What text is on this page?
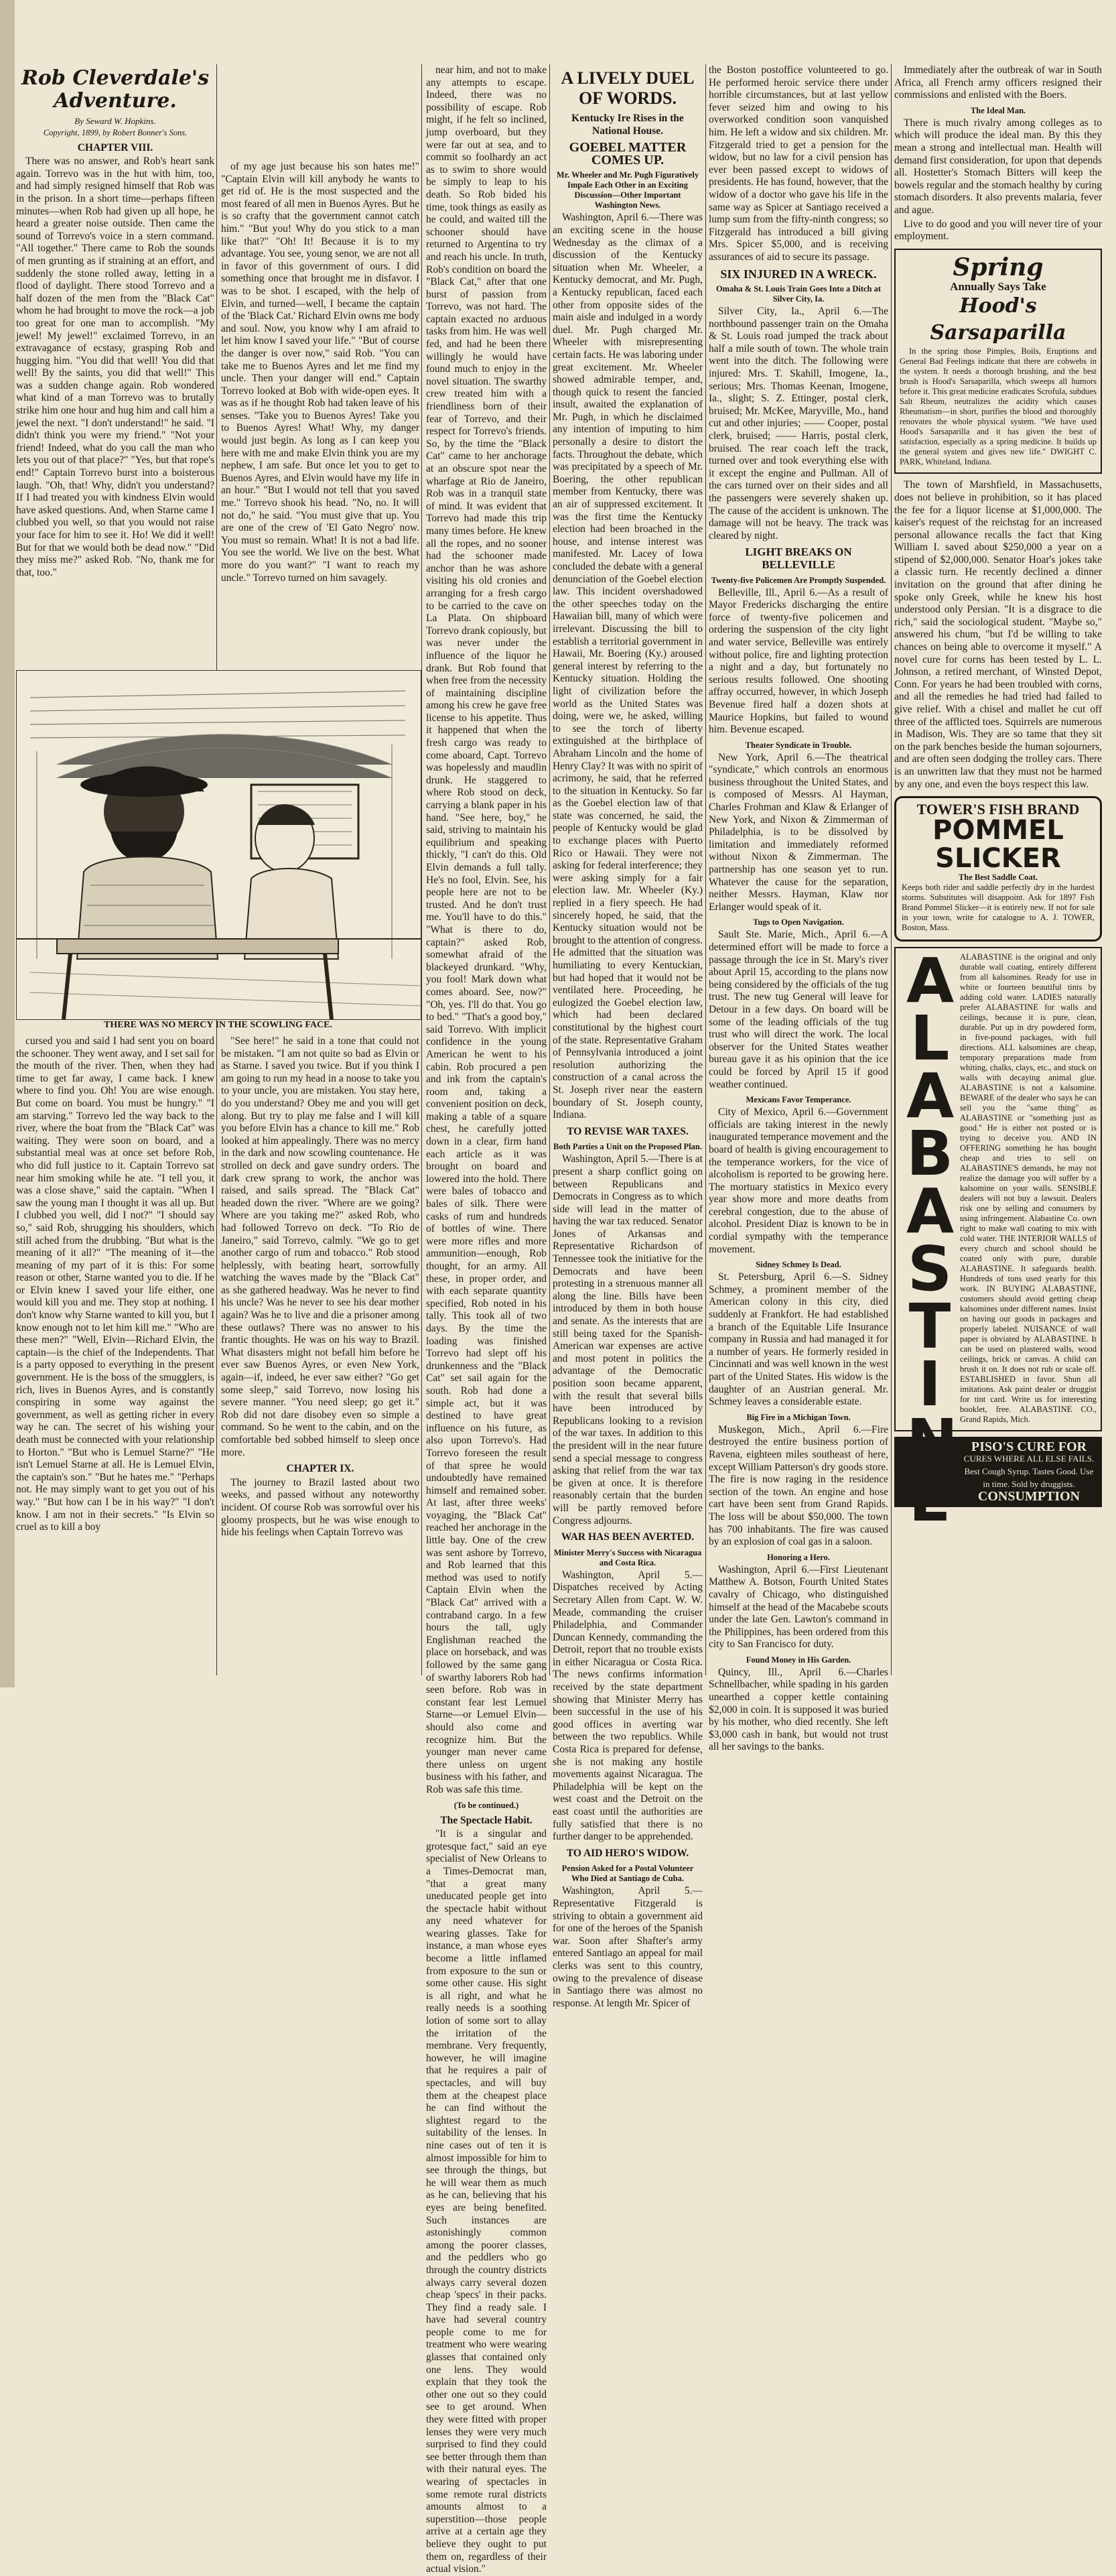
Rob Cleverdale's Adventure.
By Seward W. Hopkins.
Copyright, 1899, by Robert Bonner's Sons.
CHAPTER VIII.

There was no answer, and Rob's heart sank again. Torrevo was in the hut with him, too, and had simply resigned himself that Rob was in the prison. In a short time—perhaps fifteen minutes—when Rob had given up all hope, he heard a greater noise outside. Then came the sound of Torrevo's voice in a stern command. "All together." There came to Rob the sounds of men grunting as if straining at an effort, and suddenly the stone rolled away, letting in a flood of daylight. There stood Torrevo and a half dozen of the men from the "Black Cat" whom he had brought to move the rock—a job too great for one man to accomplish. "My jewel! My jewel!" exclaimed Torrevo, in an extravagance of ecstasy, grasping Rob and hugging him. "You did that well! You did that well! By the saints, you did that well!" This was a sudden change again. Rob wondered what kind of a man Torrevo was to brutally strike him one hour and hug him and call him a jewel the next. "I don't understand!" he said. "I didn't think you were my friend." "Not your friend! Indeed, what do you call the man who lets you out of that place?" "Yes, but that rope's end!" Captain Torrevo burst into a boisterous laugh. "Oh, that! Why, didn't you understand? If I had treated you with kindness Elvin would have asked questions. And, when Starne came I clubbed you well, so that you would not raise your face for him to see it. Ho! We did it well! But for that we would both be dead now." "Did they miss me?" asked Rob. "No, thank me for that, too."

of my age just because his son hates me!" "Captain Elvin will kill anybody he wants to get rid of. He is the most suspected and the most feared of all men in Buenos Ayres. But he is so crafty that the government cannot catch him." "But you! Why do you stick to a man like that?" "Oh! It! Because it is to my advantage. You see, young senor, we are not all in favor of this government of ours. I did something once that brought me in disfavor. I was to be shot. I escaped, with the help of Elvin, and turned—well, I became the captain of the 'Black Cat.' Richard Elvin owns me body and soul. Now, you know why I am afraid to let him know I saved your life." "But of course the danger is over now," said Rob. "You can take me to Buenos Ayres and let me find my uncle. Then your danger will end." Captain Torrevo looked at Bob with wide-open eyes. It was as if he thought Rob had taken leave of his senses. "Take you to Buenos Ayres! Take you to Buenos Ayres! What! Why, my danger would just begin. As long as I can keep you here with me and make Elvin think you are my nephew, I am safe. But once let you to get to Buenos Ayres, and Elvin would have my life in an hour." "But I would not tell that you saved me." Torrevo shook his head. "No, no. It will not do," he said. "You must give that up. You are one of the crew of 'El Gato Negro' now. You must so remain. What! It is not a bad life. You see the world. We live on the best. What more do you want?" "I want to reach my uncle." Torrevo turned on him savagely.

THERE WAS NO MERCY IN THE SCOWLING FACE.

cursed you and said I had sent you on board the schooner. They went away, and I set sail for the mouth of the river. Then, when they had time to get far away, I came back. I knew where to find you. Oh! You are wise enough. But come on board. You must be hungry." "I am starving." Torrevo led the way back to the river, where the boat from the "Black Cat" was waiting. They were soon on board, and a substantial meal was at once set before Rob, who did full justice to it. Captain Torrevo sat near him smoking while he ate. "I tell you, it was a close shave," said the captain. "When I saw the young man I thought it was all up. But I clubbed you well, did I not?" "I should say so," said Rob, shrugging his shoulders, which still ached from the drubbing. "But what is the meaning of it all?" "The meaning of it—the meaning of my part of it is this: For some reason or other, Starne wanted you to die. If he or Elvin knew I saved your life either, one would kill you and me. They stop at nothing. I don't know why Starne wanted to kill you, but I know enough not to let him kill me." "Who are these men?" "Well, Elvin—Richard Elvin, the captain—is the chief of the Independents. That is a party opposed to everything in the present government. He is the boss of the smugglers, is rich, lives in Buenos Ayres, and is constantly conspiring in some way against the government, as well as getting richer in every way he can. The secret of his wishing your death must be connected with your relationship to Horton." "But who is Lemuel Starne?" "He isn't Lemuel Starne at all. He is Lemuel Elvin, the captain's son." "But he hates me." "Perhaps not. He may simply want to get you out of his way." "But how can I be in his way?" "I don't know. I am not in their secrets." "Is Elvin so cruel as to kill a boy

"See here!" he said in a tone that could not be mistaken. "I am not quite so bad as Elvin or as Starne. I saved you twice. But if you think I am going to run my head in a noose to take you to your uncle, you are mistaken. You stay here, do you understand? Obey me and you will get along. But try to play me false and I will kill you before Elvin has a chance to kill me." Rob looked at him appealingly. There was no mercy in the dark and now scowling countenance. He strolled on deck and gave sundry orders. The dark crew sprang to work, the anchor was raised, and sails spread. The "Black Cat" headed down the river. "Where are we going? Where are you taking me?" asked Rob, who had followed Torrevo on deck. "To Rio de Janeiro," said Torrevo, calmly. "We go to get another cargo of rum and tobacco." Rob stood helplessly, with beating heart, sorrowfully watching the waves made by the "Black Cat" as she gathered headway. Was he never to find his uncle? Was he never to see his dear mother again? Was he to live and die a prisoner among these outlaws? There was no answer to his frantic thoughts. He was on his way to Brazil. What disasters might not befall him before he ever saw Buenos Ayres, or even New York, again—if, indeed, he ever saw either? "Go get some sleep," said Torrevo, now losing his severe manner. "You need sleep; go get it." Rob did not dare disobey even so simple a command. So he went to the cabin, and on the comfortable bed sobbed himself to sleep once more.

CHAPTER IX.

The journey to Brazil lasted about two weeks, and passed without any noteworthy incident. Of course Rob was sorrowful over his gloomy prospects, but he was wise enough to hide his feelings when Captain Torrevo was

near him, and not to make any attempts to escape. Indeed, there was no possibility of escape. Rob might, if he felt so inclined, jump overboard, but they were far out at sea, and to commit so foolhardy an act as to swim to shore would be simply to leap to his death. So Rob bided his time, took things as easily as he could, and waited till the schooner should have returned to Argentina to try and reach his uncle. In truth, Rob's condition on board the "Black Cat," after that one burst of passion from Torrevo, was not hard. The captain exacted no arduous tasks from him. He was well fed, and had he been there willingly he would have found much to enjoy in the novel situation. The swarthy crew treated him with a friendliness born of their fear of Torrevo, and their respect for Torrevo's friends. So, by the time the "Black Cat" came to her anchorage at an obscure spot near the wharfage at Rio de Janeiro, Rob was in a tranquil state of mind. It was evident that Torrevo had made this trip many times before. He knew all the ropes, and no sooner had the schooner made anchor than he was ashore visiting his old cronies and arranging for a fresh cargo to be carried to the cave on La Plata. On shipboard Torrevo drank copiously, but was never under the influence of the liquor he drank. But Rob found that when free from the necessity of maintaining discipline among his crew he gave free license to his appetite. Thus it happened that when the fresh cargo was ready to come aboard, Capt. Torrevo was hopelessly and maudlin drunk. He staggered to where Rob stood on deck, carrying a blank paper in his hand. "See here, boy," he said, striving to maintain his equilibrium and speaking thickly, "I can't do this. Old Elvin demands a full tally. He's no fool, Elvin. See, his people here are not to be trusted. And he don't trust me. You'll have to do this." "What is there to do, captain?" asked Rob, somewhat afraid of the blackeyed drunkard. "Why, you fool! Mark down what comes aboard. See, now?" "Oh, yes. I'll do that. You go to bed." "That's a good boy," said Torrevo. With implicit confidence in the young American he went to his cabin. Rob procured a pen and ink from the captain's room and, taking a convenient position on deck, making a table of a square chest, he carefully jotted down in a clear, firm hand each article as it was brought on board and lowered into the hold. There were bales of tobacco and bales of silk. There were casks of rum and hundreds of bottles of wine. There were more rifles and more ammunition—enough, Rob thought, for an army. All these, in proper order, and with each separate quantity specified, Rob noted in his tally. This took all of two days. By the time the loading was finished Torrevo had slept off his drunkenness and the "Black Cat" set sail again for the south. Rob had done a simple act, but it was destined to have great influence on his future, as also upon Torrevo's. Had Torrevo foreseen the result of that spree he would undoubtedly have remained himself and remained sober. At last, after three weeks' voyaging, the "Black Cat" reached her anchorage in the little bay. One of the crew was sent ashore by Torrevo, and Rob learned that this method was used to notify Captain Elvin when the "Black Cat" arrived with a contraband cargo. In a few hours the tall, ugly Englishman reached the place on horseback, and was followed by the same gang of swarthy laborers Rob had seen before. Rob was in constant fear lest Lemuel Starne—or Lemuel Elvin—should also come and recognize him. But the younger man never came there unless on urgent business with his father, and Rob was safe this time.

(To be continued.)
The Spectacle Habit.

"It is a singular and grotesque fact," said an eye specialist of New Orleans to a Times-Democrat man, "that a great many uneducated people get into the spectacle habit without any need whatever for wearing glasses. Take for instance, a man whose eyes become a little inflamed from exposure to the sun or some other cause. His sight is all right, and what he really needs is a soothing lotion of some sort to allay the irritation of the membrane. Very frequently, however, he will imagine that he requires a pair of spectacles, and will buy them at the cheapest place he can find without the slightest regard to the suitability of the lenses. In nine cases out of ten it is almost impossible for him to see through the things, but he will wear them as much as he can, believing that his eyes are being benefited. Such instances are astonishingly common among the poorer classes, and the peddlers who go through the country districts always carry several dozen cheap 'specs' in their packs. They find a ready sale. I have had several country people come to me for treatment who were wearing glasses that contained only one lens. They would explain that they took the other one out so they could see to get around. When they were fitted with proper lenses they were very much surprised to find they could see better through them than with their natural eyes. The wearing of spectacles in some remote rural districts amounts almost to a superstition—those people arrive at a certain age they believe they ought to put them on, regardless of their actual vision."

A LIVELY DUEL OF WORDS.
Kentucky Ire Rises in the National House.
GOEBEL MATTER COMES UP.
Mr. Wheeler and Mr. Pugh Figuratively Impale Each Other in an Exciting Discussion—Other Important Washington News.

Washington, April 6.—There was an exciting scene in the house Wednesday as the climax of a discussion of the Kentucky situation when Mr. Wheeler, a Kentucky democrat, and Mr. Pugh, a Kentucky republican, faced each other from opposite sides of the main aisle and indulged in a wordy duel. Mr. Pugh charged Mr. Wheeler with misrepresenting certain facts. He was laboring under great excitement. Mr. Wheeler showed admirable temper, and, though quick to resent the fancied insult, awaited the explanation of Mr. Pugh, in which he disclaimed any intention of imputing to him personally a desire to distort the facts. Throughout the debate, which was precipitated by a speech of Mr. Boering, the other republican member from Kentucky, there was an air of suppressed excitement. It was the first time the Kentucky election had been broached in the house, and intense interest was manifested. Mr. Lacey of Iowa concluded the debate with a general denunciation of the Goebel election law. This incident overshadowed the other speeches today on the Hawaiian bill, many of which were irrelevant. Discussing the bill to establish a territorial government in Hawaii, Mr. Boering (Ky.) aroused general interest by referring to the Kentucky situation. Holding the light of civilization before the world as the United States was doing, were we, he asked, willing to see the torch of liberty extinguished at the birthplace of Abraham Lincoln and the home of Henry Clay? It was with no spirit of acrimony, he said, that he referred to the situation in Kentucky. So far as the Goebel election law of that state was concerned, he said, the people of Kentucky would be glad to exchange places with Puerto Rico or Hawaii. They were not asking for federal interference; they were asking simply for a fair election law. Mr. Wheeler (Ky.) replied in a fiery speech. He had sincerely hoped, he said, that the Kentucky situation would not be brought to the attention of congress. He admitted that the situation was humiliating to every Kentuckian, but had hoped that it would not be ventilated here. Proceeding, he eulogized the Goebel election law, which had been declared constitutional by the highest court of the state. Representative Graham of Pennsylvania introduced a joint resolution authorizing the construction of a canal across the St. Joseph river near the eastern boundary of St. Joseph county, Indiana.

TO REVISE WAR TAXES.
Both Parties a Unit on the Proposed Plan.

Washington, April 5.—There is at present a sharp conflict going on between Republicans and Democrats in Congress as to which side will lead in the matter of having the war tax reduced. Senator Jones of Arkansas and Representative Richardson of Tennessee took the initiative for the Democrats and have been protesting in a strenuous manner all along the line. Bills have been introduced by them in both house and senate. As the interests that are still being taxed for the Spanish-American war expenses are active and most potent in politics the advantage of the Democratic position soon became apparent, with the result that several bills have been introduced by Republicans looking to a revision of the war taxes. In addition to this the president will in the near future send a special message to congress asking that relief from the war tax be given at once. It is therefore reasonably certain that the burden will be partly removed before Congress adjourns.

WAR HAS BEEN AVERTED.
Minister Merry's Success with Nicaragua and Costa Rica.

Washington, April 5.—Dispatches received by Acting Secretary Allen from Capt. W. W. Meade, commanding the cruiser Philadelphia, and Commander Duncan Kennedy, commanding the Detroit, report that no trouble exists in either Nicaragua or Costa Rica. The news confirms information received by the state department showing that Minister Merry has been successful in the use of his good offices in averting war between the two republics. While Costa Rica is prepared for defense, she is not making any hostile movements against Nicaragua. The Philadelphia will be kept on the west coast and the Detroit on the east coast until the authorities are fully satisfied that there is no further danger to be apprehended.

TO AID HERO'S WIDOW.
Pension Asked for a Postal Volunteer Who Died at Santiago de Cuba.

Washington, April 5.—Representative Fitzgerald is striving to obtain a government aid for one of the heroes of the Spanish war. Soon after Shafter's army entered Santiago an appeal for mail clerks was sent to this country, owing to the prevalence of disease in Santiago there was almost no response. At length Mr. Spicer of

the Boston postoffice volunteered to go. He performed heroic service there under horrible circumstances, but at last yellow fever seized him and owing to his overworked condition soon vanquished him. He left a widow and six children. Mr. Fitzgerald tried to get a pension for the widow, but no law for a civil pension has ever been passed except to widows of presidents. He has found, however, that the widow of a doctor who gave his life in the same way as Spicer at Santiago received a lump sum from the fifty-ninth congress; so Fitzgerald has introduced a bill giving Mrs. Spicer $5,000, and is receiving assurances of aid to secure its passage.

SIX INJURED IN A WRECK.
Omaha & St. Louis Train Goes Into a Ditch at Silver City, Ia.

Silver City, Ia., April 6.—The northbound passenger train on the Omaha & St. Louis road jumped the track about half a mile south of town. The whole train went into the ditch. The following were injured: Mrs. T. Skahill, Imogene, Ia., serious; Mrs. Thomas Keenan, Imogene, Ia., slight; S. Z. Ettinger, postal clerk, bruised; Mr. McKee, Maryville, Mo., hand cut and other injuries; —— Cooper, postal clerk, bruised; —— Harris, postal clerk, bruised. The rear coach left the track, turned over and took everything else with it except the engine and Pullman. All of the cars turned over on their sides and all the passengers were severely shaken up. The cause of the accident is unknown. The damage will not be heavy. The track was cleared by night.

LIGHT BREAKS ON BELLEVILLE
Twenty-five Policemen Are Promptly Suspended.

Belleville, Ill., April 6.—As a result of Mayor Fredericks discharging the entire force of twenty-five policemen and ordering the suspension of the city light and water service, Belleville was entirely without police, fire and lighting protection a night and a day, but fortunately no serious results followed. One shooting affray occurred, however, in which Joseph Bevenue fired half a dozen shots at Maurice Hopkins, but failed to wound him. Bevenue escaped.

Theater Syndicate in Trouble.

New York, April 6.—The theatrical "syndicate," which controls an enormous business throughout the United States, and is composed of Messrs. Al Hayman, Charles Frohman and Klaw & Erlanger of New York, and Nixon & Zimmerman of Philadelphia, is to be dissolved by limitation and immediately reformed without Nixon & Zimmerman. The partnership has one season yet to run. Whatever the cause for the separation, neither Messrs. Hayman, Klaw nor Erlanger would speak of it.

Tugs to Open Navigation.

Sault Ste. Marie, Mich., April 6.—A determined effort will be made to force a passage through the ice in St. Mary's river about April 15, according to the plans now being considered by the officials of the tug trust. The new tug General will leave for Detour in a few days. On board will be some of the leading officials of the tug trust who will direct the work. The local observer for the United States weather bureau gave it as his opinion that the ice could be forced by April 15 if good weather continued.

Mexicans Favor Temperance.

City of Mexico, April 6.—Government officials are taking interest in the newly inaugurated temperance movement and the board of health is giving encouragement to the temperance workers, for the vice of alcoholism is reported to be growing here. The mortuary statistics in Mexico every year show more and more deaths from cerebral congestion, due to the abuse of alcohol. President Diaz is known to be in cordial sympathy with the temperance movement.

Sidney Schmey Is Dead.

St. Petersburg, April 6.—S. Sidney Schmey, a prominent member of the American colony in this city, died suddenly at Frankfort. He had established a branch of the Equitable Life Insurance company in Russia and had managed it for a number of years. He formerly resided in Cincinnati and was well known in the west part of the United States. His widow is the daughter of an Austrian general. Mr. Schmey leaves a considerable estate.

Big Fire in a Michigan Town.

Muskegon, Mich., April 6.—Fire destroyed the entire business portion of Ravena, eighteen miles southeast of here, except William Patterson's dry goods store. The fire is now raging in the residence section of the town. An engine and hose cart have been sent from Grand Rapids. The loss will be about $50,000. The town has 700 inhabitants. The fire was caused by an explosion of coal gas in a saloon.

Honoring a Hero.

Washington, April 6.—First Lieutenant Matthew A. Botson, Fourth United States cavalry of Chicago, who distinguished himself at the head of the Macabebe scouts under the late Gen. Lawton's command in the Philippines, has been ordered from this city to San Francisco for duty.

Found Money in His Garden.

Quincy, Ill., April 6.—Charles Schnellbacher, while spading in his garden unearthed a copper kettle containing $2,000 in coin. It is supposed it was buried by his mother, who died recently. She left $3,000 cash in bank, but would not trust all her savings to the banks.

Immediately after the outbreak of war in South Africa, all French army officers resigned their commissions and enlisted with the Boers.

The Ideal Man.

There is much rivalry among colleges as to which will produce the ideal man. By this they mean a strong and intellectual man. Health will demand first consideration, for upon that depends all. Hostetter's Stomach Bitters will keep the bowels regular and the stomach healthy by curing stomach disorders. It also prevents malaria, fever and ague.

Live to do good and you will never tire of your employment.

Spring
Annually Says Take
Hood's Sarsaparilla

In the spring those Pimples, Boils, Eruptions and General Bad Feelings indicate that there are cobwebs in the system. It needs a thorough brushing, and the best brush is Hood's Sarsaparilla, which sweeps all humors before it. This great medicine eradicates Scrofula, subdues Salt Rheum, neutralizes the acidity which causes Rheumatism—in short, purifies the blood and thoroughly renovates the whole physical system. "We have used Hood's Sarsaparilla and it has given the best of satisfaction, especially as a spring medicine. It builds up the general system and gives new life." DWIGHT C. PARK, Whiteland, Indiana.

The town of Marshfield, in Massachusetts, does not believe in prohibition, so it has placed the fee for a liquor license at $1,000,000. The kaiser's request of the reichstag for an increased personal allowance recalls the fact that King William I. saved about $250,000 a year on a stipend of $2,000,000. Senator Hoar's jokes take a classic turn. He recently declined a dinner invitation on the ground that after dining he spoke only Greek, while he knew his host understood only Persian. "It is a disgrace to die rich," said the sociological student. "Maybe so," answered his chum, "but I'd be willing to take chances on being able to overcome it myself." A novel cure for corns has been tested by L. L. Johnson, a retired merchant, of Winsted Depot, Conn. For years he had been troubled with corns, and all the remedies he had tried had failed to give relief. With a chisel and mallet he cut off three of the afflicted toes. Squirrels are numerous in Madison, Wis. They are so tame that they sit on the park benches beside the human sojourners, and are often seen dodging the trolley cars. There is an unwritten law that they must not be harmed by any one, and even the boys respect this law.

TOWER'S FISH BRAND
POMMEL SLICKER
The Best Saddle Coat.

Keeps both rider and saddle perfectly dry in the hardest storms. Substitutes will disappoint. Ask for 1897 Fish Brand Pommel Slicker—it is entirely new. If not for sale in your town, write for catalogue to A. J. TOWER, Boston, Mass.

ALABASTINE

ALABASTINE is the original and only durable wall coating, entirely different from all kalsomines. Ready for use in white or fourteen beautiful tints by adding cold water. LADIES naturally prefer ALABASTINE for walls and ceilings, because it is pure, clean, durable. Put up in dry powdered form, in five-pound packages, with full directions. ALL kalsomines are cheap, temporary preparations made from whiting, chalks, clays, etc., and stuck on walls with decaying animal glue. ALABASTINE is not a kalsomine. BEWARE of the dealer who says he can sell you the "same thing" as ALABASTINE or "something just as good." He is either not posted or is trying to deceive you. AND IN OFFERING something he has bought cheap and tries to sell on ALABASTINE'S demands, he may not realize the damage you will suffer by a kalsomine on your walls. SENSIBLE dealers will not buy a lawsuit. Dealers risk one by selling and consumers by using infringement. Alabastine Co. own right to make wall coating to mix with cold water. THE INTERIOR WALLS of every church and school should be coated only with pure, durable ALABASTINE. It safeguards health. Hundreds of tons used yearly for this work. IN BUYING ALABASTINE, customers should avoid getting cheap kalsomines under different names. Insist on having our goods in packages and properly labeled. NUISANCE of wall paper is obviated by ALABASTINE. It can be used on plastered walls, wood ceilings, brick or canvas. A child can brush it on. It does not rub or scale off. ESTABLISHED in favor. Shun all imitations. Ask paint dealer or druggist for tint card. Write us for interesting booklet, free. ALABASTINE CO., Grand Rapids, Mich.

PISO'S CURE FOR
CURES WHERE ALL ELSE FAILS. Best Cough Syrup. Tastes Good. Use in time. Sold by druggists.
CONSUMPTION
